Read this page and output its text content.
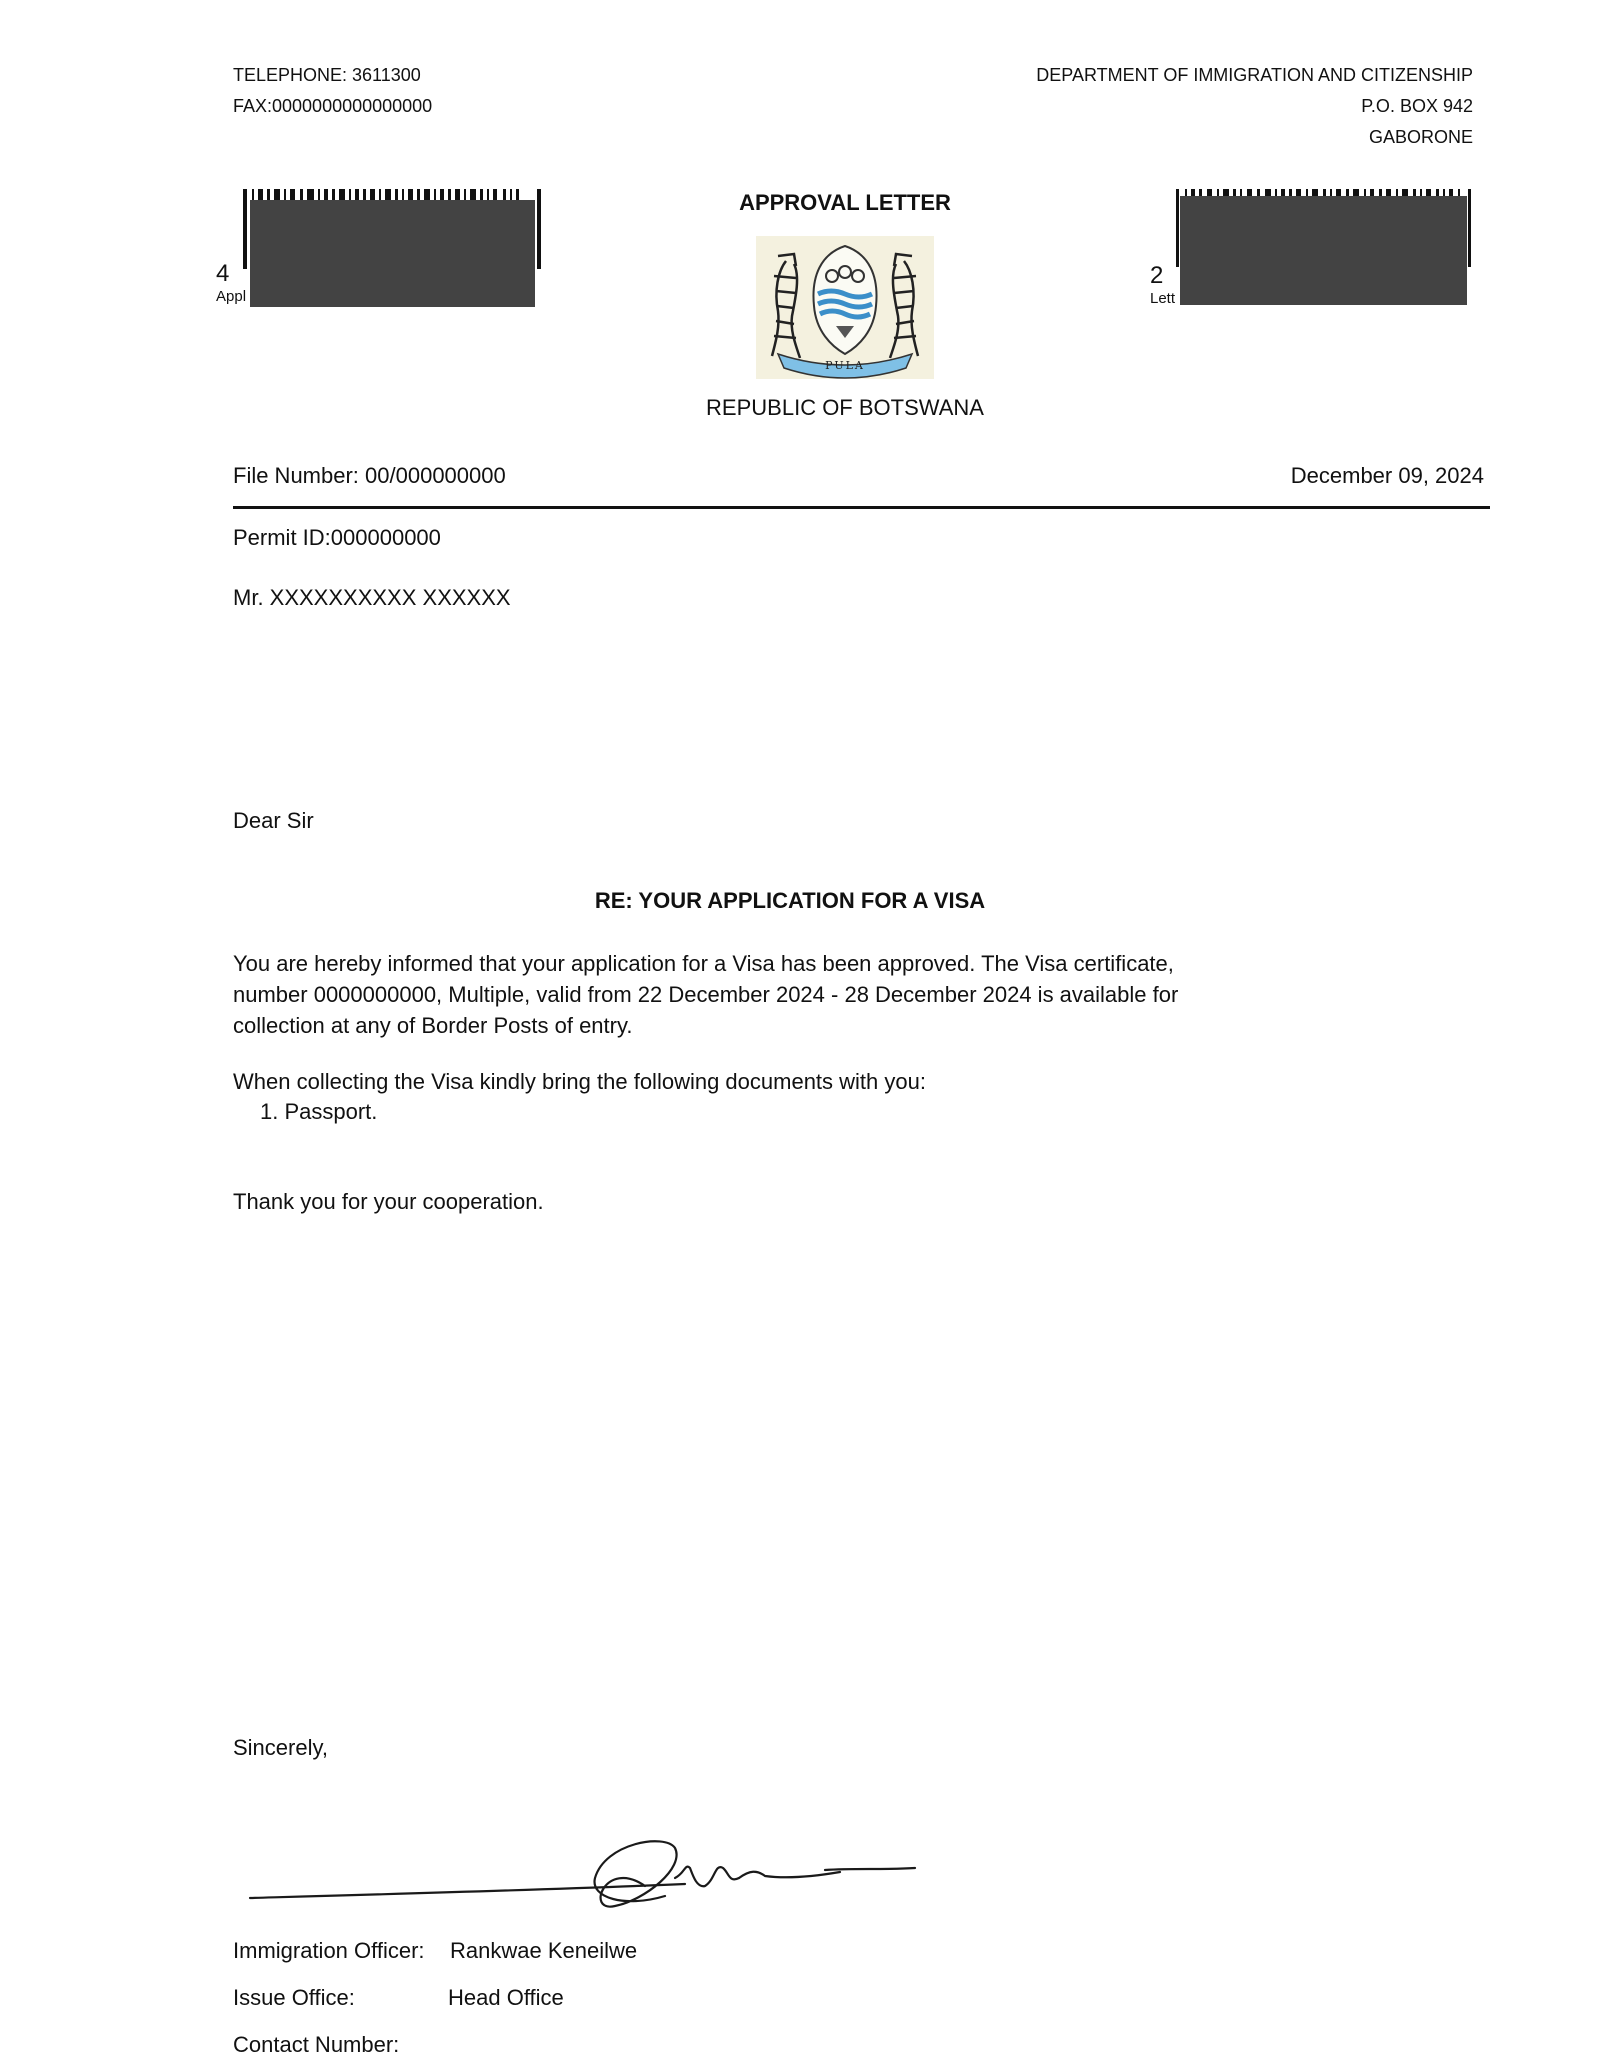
TELEPHONE: 3611300
FAX:0000000000000000
DEPARTMENT OF IMMIGRATION AND CITIZENSHIP
P.O. BOX 942
GABORONE
4
Appl
2
Lett
APPROVAL LETTER
PULA
REPUBLIC OF BOTSWANA
File Number: 00/000000000	December 09, 2024
Permit ID:000000000
Mr. XXXXXXXXXX XXXXXX
Dear Sir
RE: YOUR APPLICATION FOR A VISA
You are hereby informed that your application for a Visa has been approved. The Visa certificate,
number 0000000000, Multiple, valid from 22 December 2024 - 28 December 2024 is available for
collection at any of Border Posts of entry.
When collecting the Visa kindly bring the following documents with you:
1. Passport.
Thank you for your cooperation.
Sincerely,
Immigration Officer: Rankwae Keneilwe
Issue Office:	Head Office
Contact Number:
